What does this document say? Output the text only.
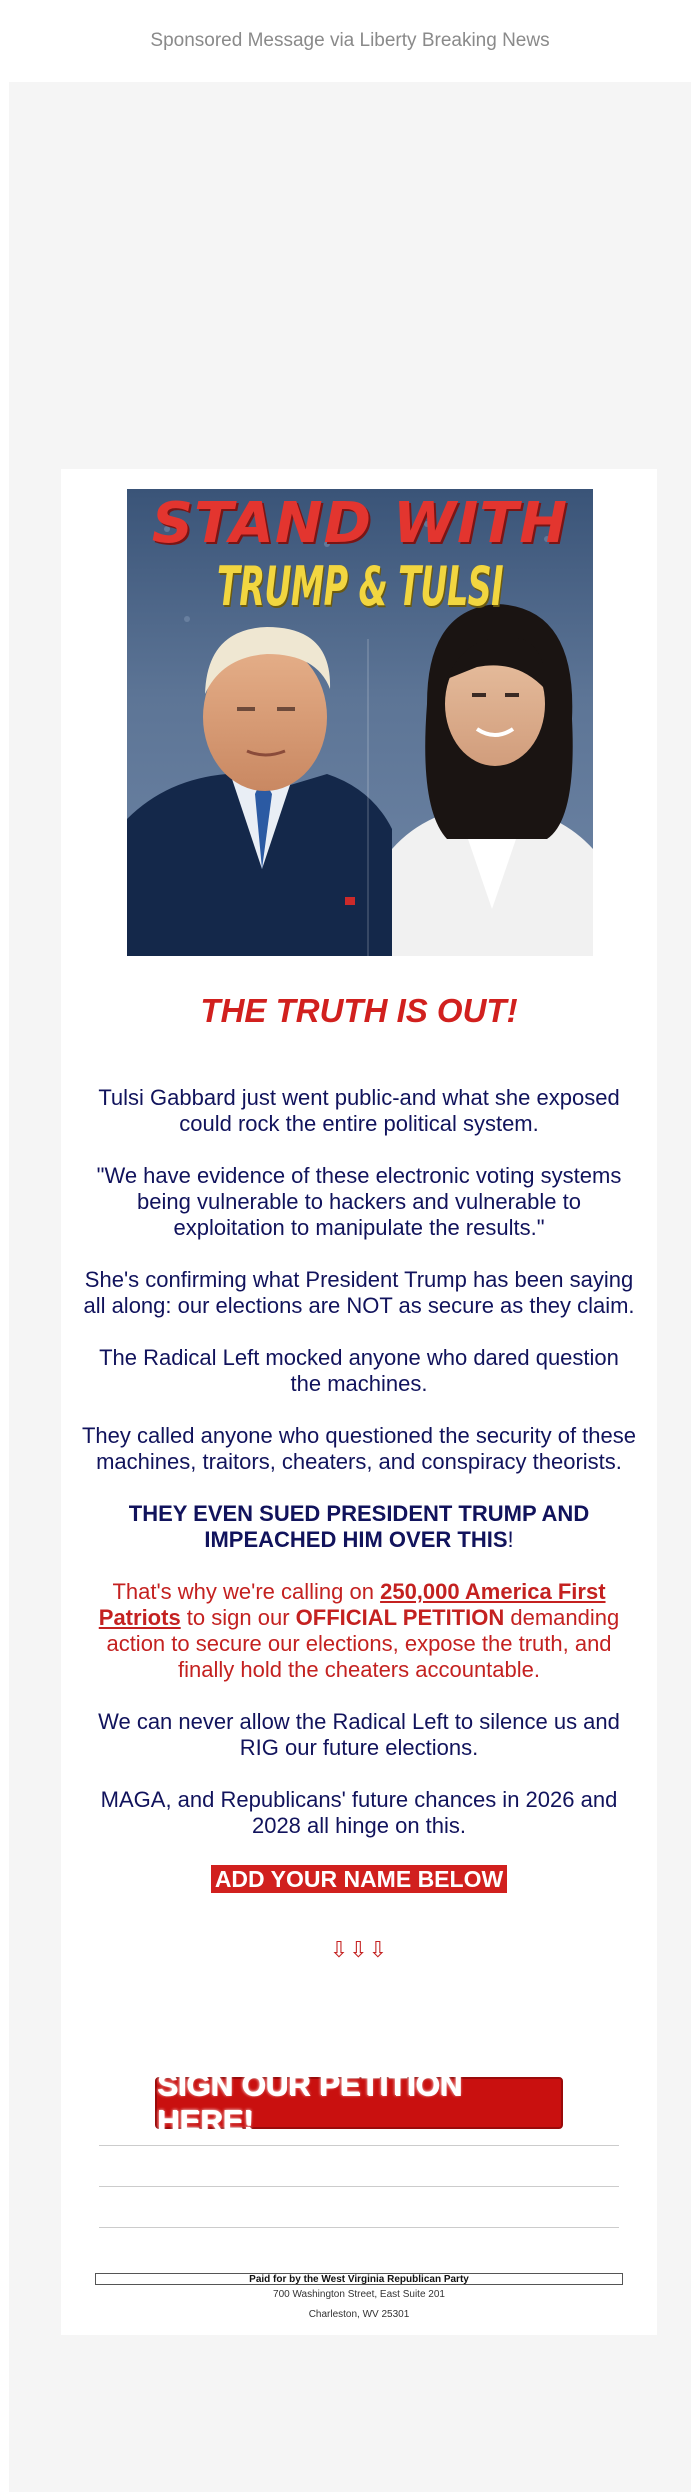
Sponsored Message via Liberty Breaking News
STAND WITH
TRUMP & TULSI
THE TRUTH IS OUT!

Tulsi Gabbard just went public-and what she exposed could rock the entire political system.

"We have evidence of these electronic voting systems being vulnerable to hackers and vulnerable to exploitation to manipulate the results."

She's confirming what President Trump has been saying all along: our elections are NOT as secure as they claim.

The Radical Left mocked anyone who dared question the machines.

They called anyone who questioned the security of these machines, traitors, cheaters, and conspiracy theorists.

THEY EVEN SUED PRESIDENT TRUMP AND IMPEACHED HIM OVER THIS!

That's why we're calling on 250,000 America First Patriots to sign our OFFICIAL PETITION demanding action to secure our elections, expose the truth, and finally hold the cheaters accountable.

We can never allow the Radical Left to silence us and RIG our future elections.

MAGA, and Republicans' future chances in 2026 and 2028 all hinge on this.

ADD YOUR NAME BELOW
⇩⇩⇩
SIGN OUR PETITION HERE!
Paid for by the West Virginia Republican Party
700 Washington Street, East Suite 201
Charleston, WV 25301
